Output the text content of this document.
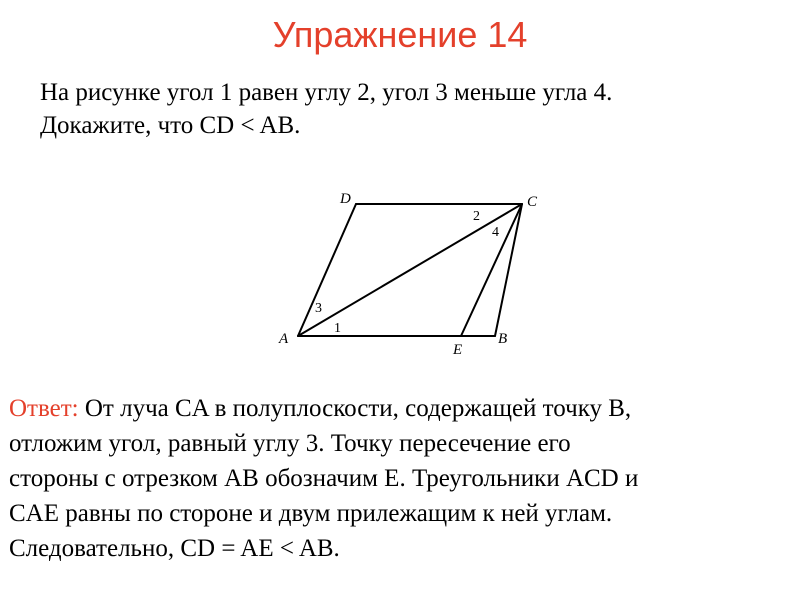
Упражнение 14
На рисунке угол 1 равен углу 2, угол 3 меньше угла 4.
Докажите, что CD < AB.
D	C
A	B
E
1
2
3
4
Ответ: От луча CA в полуплоскости, содержащей точку B,
отложим угол, равный углу 3. Точку пересечение его
стороны с отрезком AB обозначим E. Треугольники ACD и
CAE равны по стороне и двум прилежащим к ней углам.
Следовательно, CD = AE < AB.
